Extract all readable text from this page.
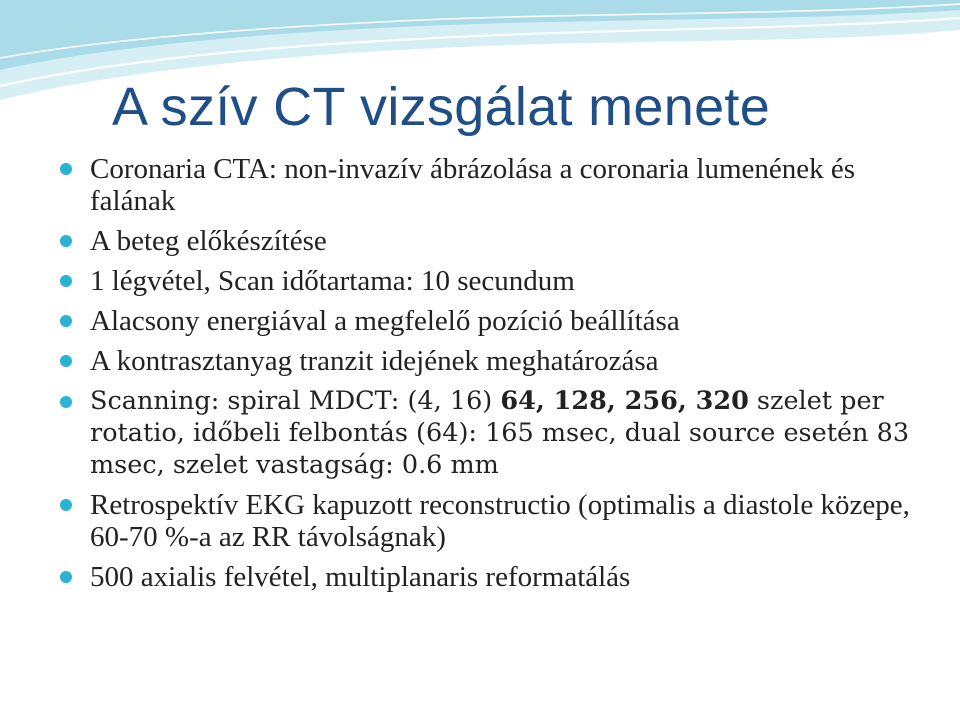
A szív CT vizsgálat menete
Coronaria CTA: non-invazív ábrázolása a coronaria lumenének és falának
A beteg előkészítése
1 légvétel, Scan időtartama: 10 secundum
Alacsony energiával a megfelelő pozíció beállítása
A kontrasztanyag tranzit idejének meghatározása
Scanning: spiral MDCT: (4, 16) 64, 128, 256, 320 szelet per rotatio, időbeli felbontás (64): 165 msec, dual source esetén 83 msec, szelet vastagság: 0.6 mm
Retrospektív EKG kapuzott reconstructio (optimalis a diastole közepe, 60-70 %-a az RR távolságnak)
500 axialis felvétel, multiplanaris reformatálás
